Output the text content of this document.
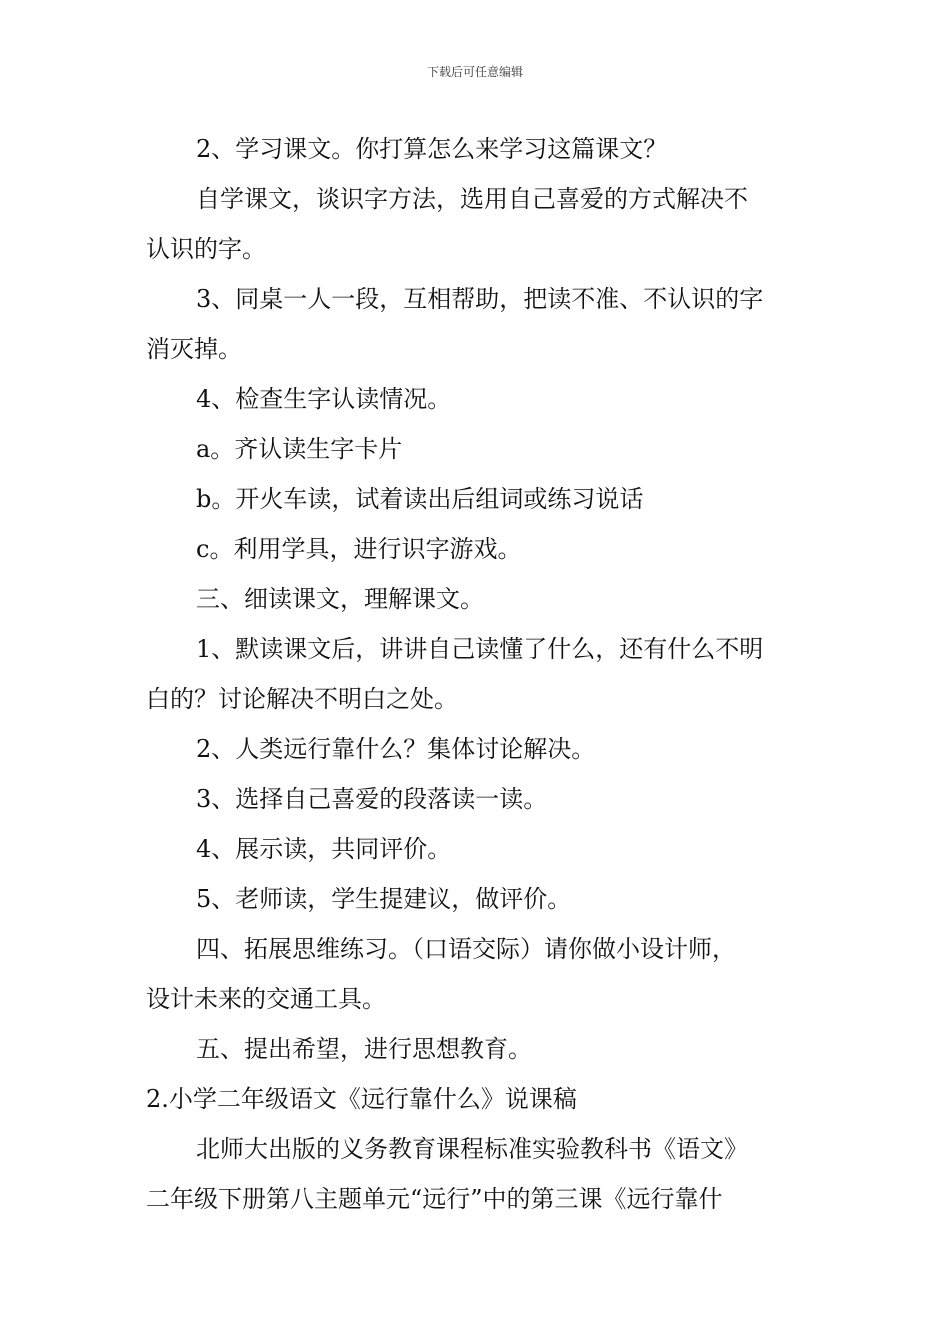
下载后可任意编辑
2、学习课文。你打算怎么来学习这篇课文？
自学课文，谈识字方法，选用自己喜爱的方式解决不
认识的字。
3、同桌一人一段，互相帮助，把读不准、不认识的字
消灭掉。
4、检查生字认读情况。
a。齐认读生字卡片
b。开火车读，试着读出后组词或练习说话
c。利用学具，进行识字游戏。
三、细读课文，理解课文。
1、默读课文后，讲讲自己读懂了什么，还有什么不明
白的？讨论解决不明白之处。
2、人类远行靠什么？集体讨论解决。
3、选择自己喜爱的段落读一读。
4、展示读，共同评价。
5、老师读，学生提建议，做评价。
四、拓展思维练习。（口语交际）请你做小设计师，
设计未来的交通工具。
五、提出希望，进行思想教育。
2.小学二年级语文《远行靠什么》说课稿
北师大出版的义务教育课程标准实验教科书《语文》
二年级下册第八主题单元“远行”中的第三课《远行靠什
